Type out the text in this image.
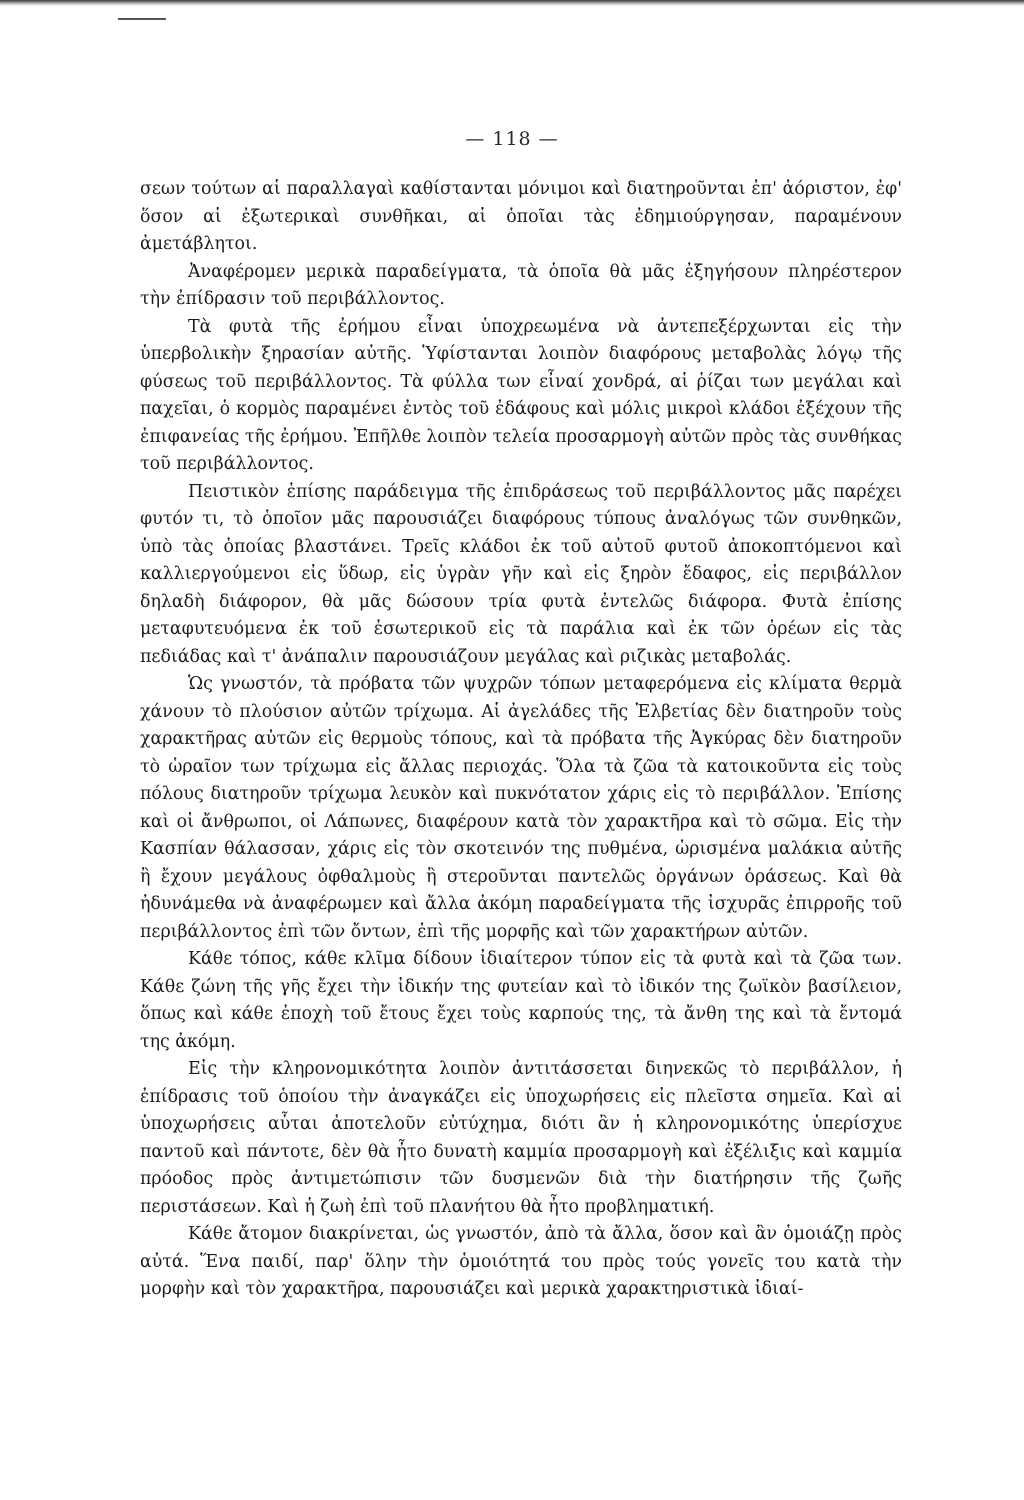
— 118 —

σεων τούτων αἱ παραλλαγαὶ καθίστανται μόνιμοι καὶ διατηροῦνται ἐπ' ἀόριστον, ἐφ' ὅσον αἱ ἐξωτερικαὶ συνθῆκαι, αἱ ὁποῖαι τὰς ἐδημιούργησαν, παραμένουν ἀμετάβλητοι.

Ἀναφέρομεν μερικὰ παραδείγματα, τὰ ὁποῖα θὰ μᾶς ἐξηγήσουν πληρέστερον τὴν ἐπίδρασιν τοῦ περιβάλλοντος.

Τὰ φυτὰ τῆς ἐρήμου εἶναι ὑποχρεωμένα νὰ ἀντεπεξέρχωνται εἰς τὴν ὑπερβολικὴν ξηρασίαν αὐτῆς. Ὑφίστανται λοιπὸν διαφόρους μεταβολὰς λόγῳ τῆς φύσεως τοῦ περιβάλλοντος. Τὰ φύλλα των εἶναί χονδρά, αἱ ῥίζαι των μεγάλαι καὶ παχεῖαι, ὁ κορμὸς παραμένει ἐντὸς τοῦ ἐδάφους καὶ μόλις μικροὶ κλάδοι ἐξέχουν τῆς ἐπιφανείας τῆς ἐρήμου. Ἐπῆλθε λοιπὸν τελεία προσαρμογὴ αὐτῶν πρὸς τὰς συνθήκας τοῦ περιβάλλοντος.

Πειστικὸν ἐπίσης παράδειγμα τῆς ἐπιδράσεως τοῦ περιβάλλοντος μᾶς παρέχει φυτόν τι, τὸ ὁποῖον μᾶς παρουσιάζει διαφόρους τύπους ἀναλόγως τῶν συνθηκῶν, ὑπὸ τὰς ὁποίας βλαστάνει. Τρεῖς κλάδοι ἐκ τοῦ αὐτοῦ φυτοῦ ἀποκοπτόμενοι καὶ καλλιεργούμενοι εἰς ὕδωρ, εἰς ὑγρὰν γῆν καὶ εἰς ξηρὸν ἔδαφος, εἰς περιβάλλον δηλαδὴ διάφορον, θὰ μᾶς δώσουν τρία φυτὰ ἐντελῶς διάφορα. Φυτὰ ἐπίσης μεταφυτευόμενα ἐκ τοῦ ἐσωτερικοῦ εἰς τὰ παράλια καὶ ἐκ τῶν ὀρέων εἰς τὰς πεδιάδας καὶ τ' ἀνάπαλιν παρουσιάζουν μεγάλας καὶ ριζικὰς μεταβολάς.

Ὡς γνωστόν, τὰ πρόβατα τῶν ψυχρῶν τόπων μεταφερόμενα εἰς κλίματα θερμὰ χάνουν τὸ πλούσιον αὐτῶν τρίχωμα. Αἱ ἀγελάδες τῆς Ἑλβετίας δὲν διατηροῦν τοὺς χαρακτῆρας αὐτῶν εἰς θερμοὺς τόπους, καὶ τὰ πρόβατα τῆς Ἀγκύρας δὲν διατηροῦν τὸ ὡραῖον των τρίχωμα εἰς ἄλλας περιοχάς. Ὅλα τὰ ζῶα τὰ κατοικοῦντα εἰς τοὺς πόλους διατηροῦν τρίχωμα λευκὸν καὶ πυκνότατον χάρις εἰς τὸ περιβάλλον. Ἐπίσης καὶ οἱ ἄνθρωποι, οἱ Λάπωνες, διαφέρουν κατὰ τὸν χαρακτῆρα καὶ τὸ σῶμα. Εἰς τὴν Κασπίαν θάλασσαν, χάρις εἰς τὸν σκοτεινόν της πυθμένα, ὡρισμένα μαλάκια αὐτῆς ἢ ἔχουν μεγάλους ὀφθαλμοὺς ἢ στεροῦνται παντελῶς ὀργάνων ὁράσεως. Καὶ θὰ ἠδυνάμεθα νὰ ἀναφέρωμεν καὶ ἄλλα ἀκόμη παραδείγματα τῆς ἰσχυρᾶς ἐπιρροῆς τοῦ περιβάλλοντος ἐπὶ τῶν ὄντων, ἐπὶ τῆς μορφῆς καὶ τῶν χαρακτήρων αὐτῶν.

Κάθε τόπος, κάθε κλῖμα δίδουν ἰδιαίτερον τύπον εἰς τὰ φυτὰ καὶ τὰ ζῶα των. Κάθε ζώνη τῆς γῆς ἔχει τὴν ἰδικήν της φυτείαν καὶ τὸ ἰδικόν της ζωϊκὸν βασίλειον, ὅπως καὶ κάθε ἐποχὴ τοῦ ἔτους ἔχει τοὺς καρπούς της, τὰ ἄνθη της καὶ τὰ ἔντομά της ἀκόμη.

Εἰς τὴν κληρονομικότητα λοιπὸν ἀντιτάσσεται διηνεκῶς τὸ περιβάλλον, ἡ ἐπίδρασις τοῦ ὁποίου τὴν ἀναγκάζει εἰς ὑποχωρήσεις εἰς πλεῖστα σημεῖα. Καὶ αἱ ὑποχωρήσεις αὗται ἀποτελοῦν εὐτύχημα, διότι ἂν ἡ κληρονομικότης ὑπερίσχυε παντοῦ καὶ πάντοτε, δὲν θὰ ἦτο δυνατὴ καμμία προσαρμογὴ καὶ ἐξέλιξις καὶ καμμία πρόοδος πρὸς ἀντιμετώπισιν τῶν δυσμενῶν διὰ τὴν διατήρησιν τῆς ζωῆς περιστάσεων. Καὶ ἡ ζωὴ ἐπὶ τοῦ πλανήτου θὰ ἦτο προβληματική.

Κάθε ἄτομον διακρίνεται, ὡς γνωστόν, ἀπὸ τὰ ἄλλα, ὅσον καὶ ἂν ὁμοιάζῃ πρὸς αὐτά. Ἕνα παιδί, παρ' ὅλην τὴν ὁμοιότητά του πρὸς τούς γονεῖς του κατὰ τὴν μορφὴν καὶ τὸν χαρακτῆρα, παρουσιάζει καὶ μερικὰ χαρακτηριστικὰ ἰδιαί-
